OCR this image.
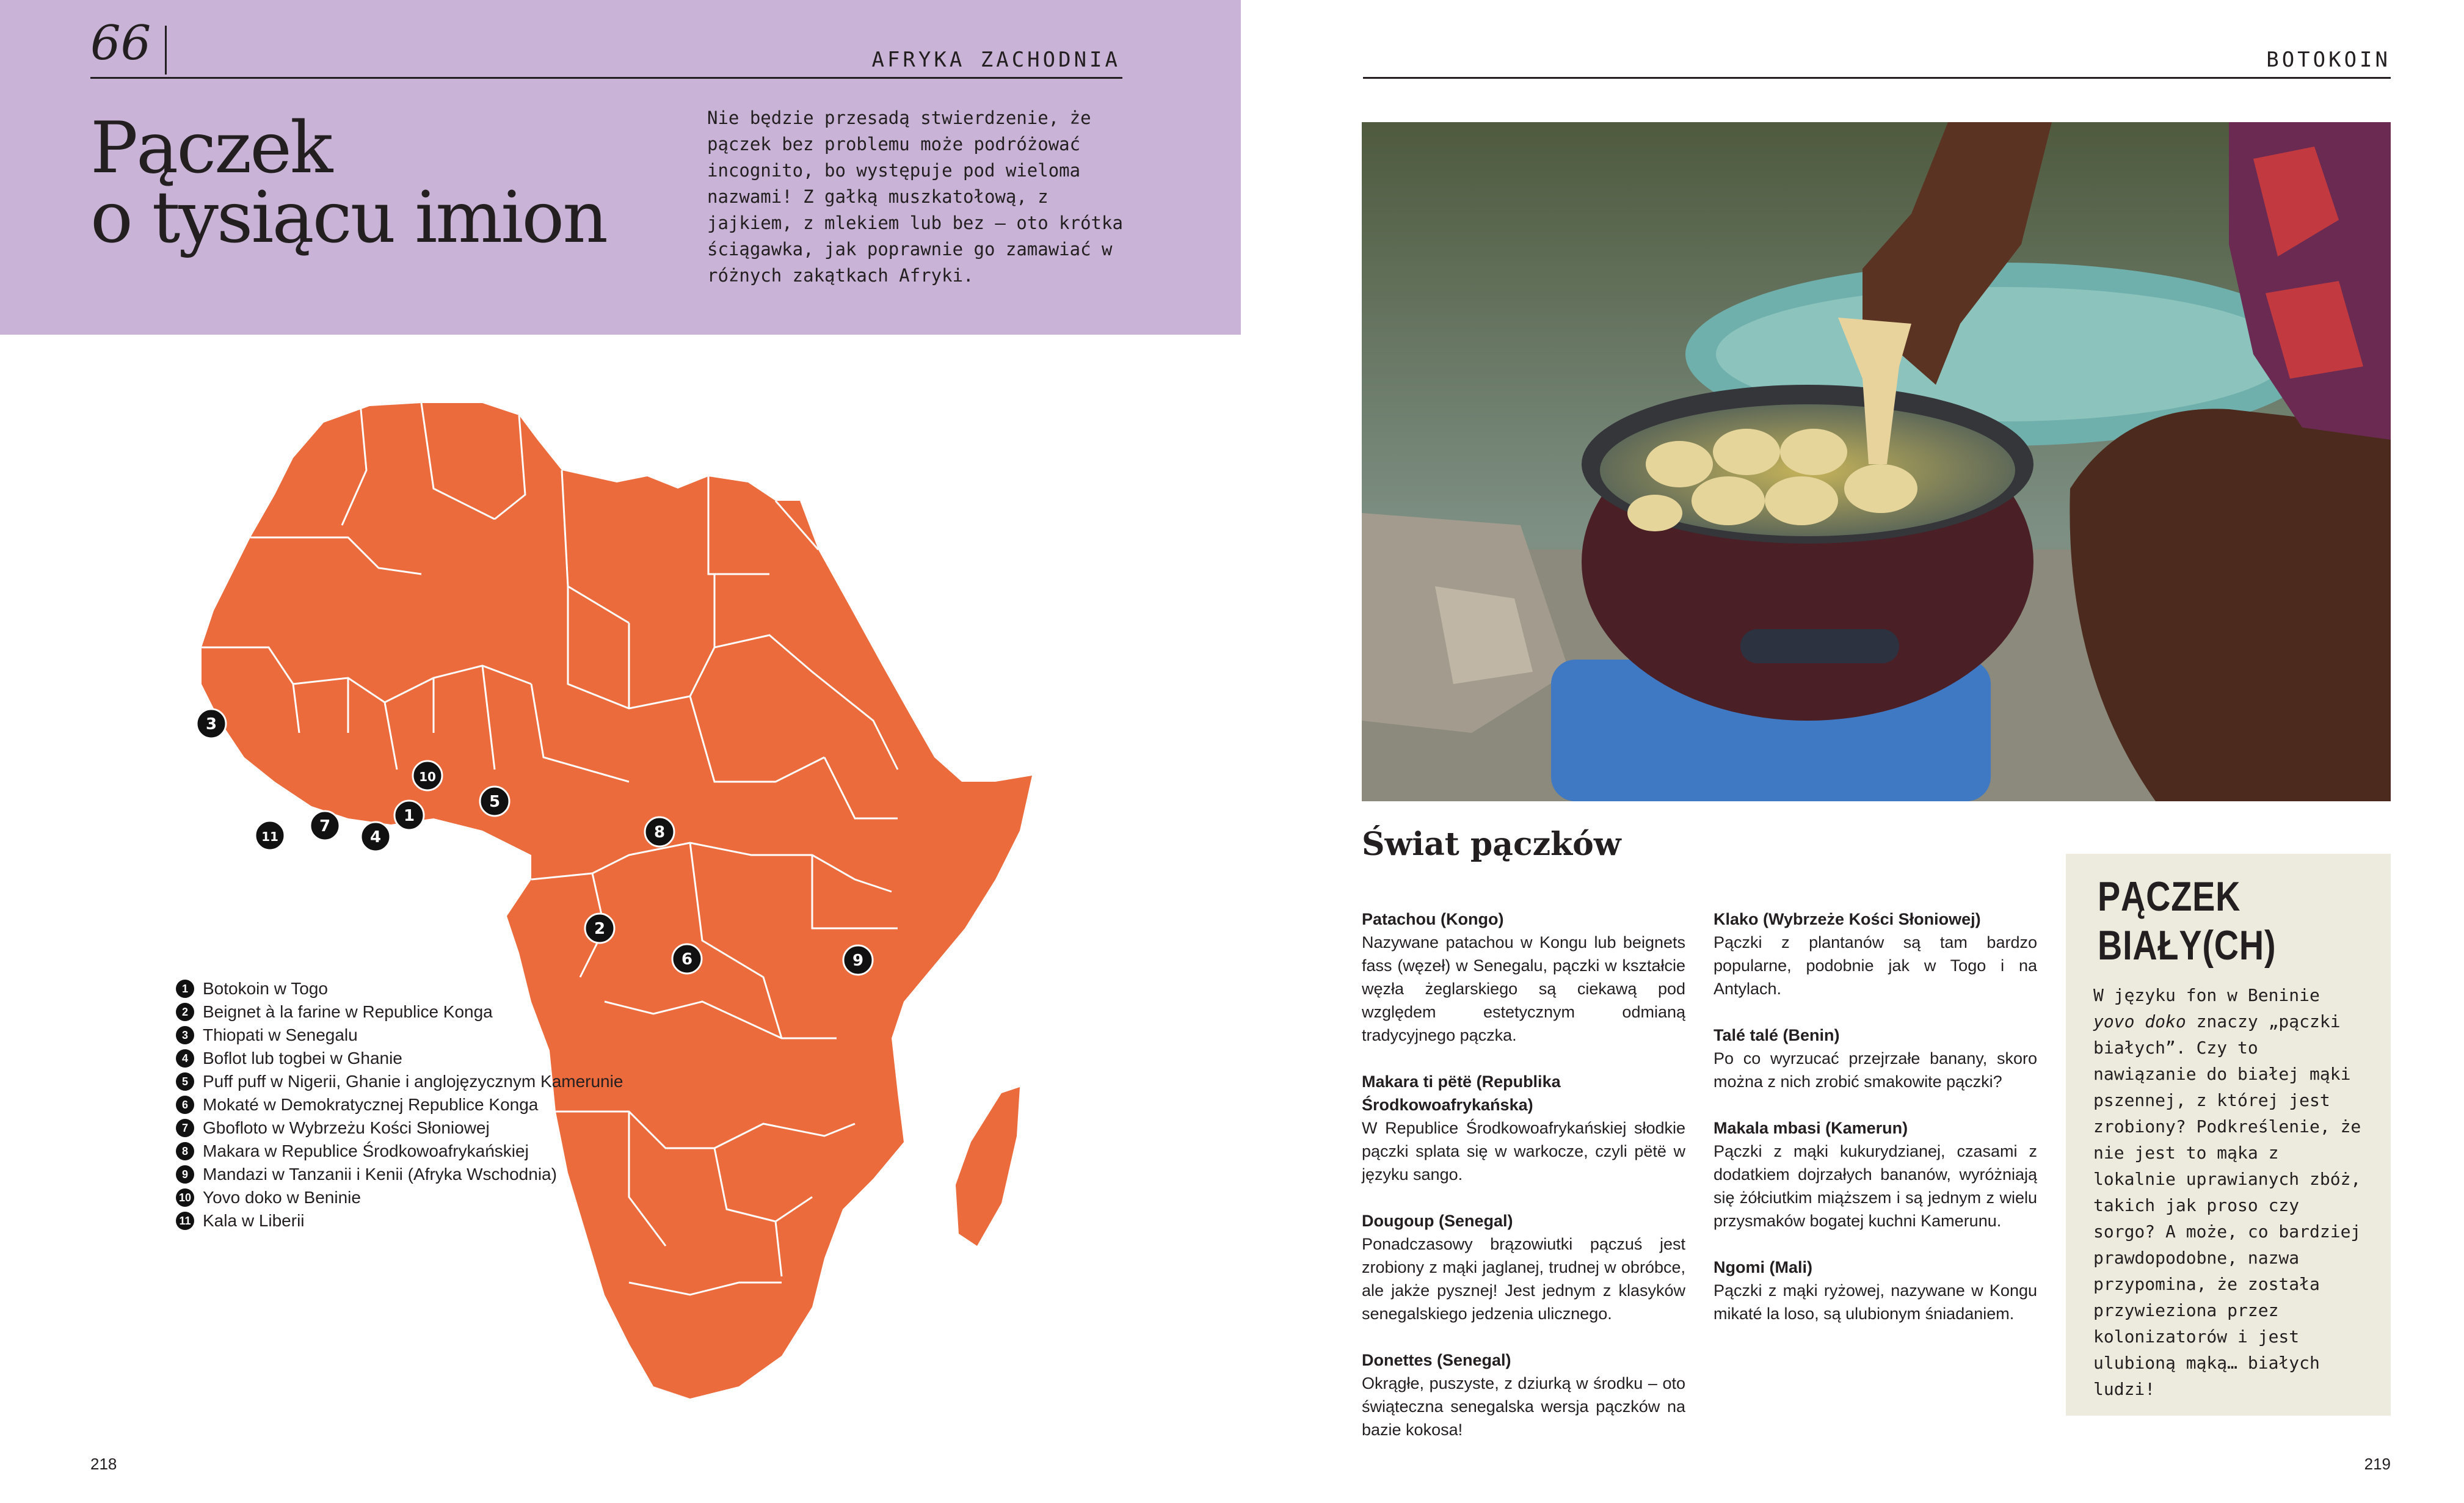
66	AFRYKA ZACHODNIA
Pączek
o tysiącu imion
Nie będzie przesadą stwierdzenie, że pączek bez problemu może podróżować incognito, bo występuje pod wieloma nazwami! Z gałką muszkatołową, z jajkiem, z mlekiem lub bez – oto krótka ściągawka, jak poprawnie go zamawiać w różnych zakątkach Afryki.
1
2
3
4
5
6
7	8
9
10
11
1 Botokoin w Togo
2 Beignet à la farine w Republice Konga
3 Thiopati w Senegalu
4 Boflot lub togbei w Ghanie
5 Puff puff w Nigerii, Ghanie i anglojęzycznym Kamerunie
6 Mokaté w Demokratycznej Republice Konga
7 Gbofloto w Wybrzeżu Kości Słoniowej
8 Makara w Republice Środkowoafrykańskiej
9 Mandazi w Tanzanii i Kenii (Afryka Wschodnia)
10 Yovo doko w Beninie
11 Kala w Liberii
218
BOTOKOIN
Świat pączków
Patachou (Kongo)
Nazywane patachou w Kongu lub beignets fass (węzeł) w Senegalu, pączki w kształcie węzła żeglarskiego są ciekawą pod względem estetycznym odmianą tradycyjnego pączka.
Makara ti pëtë (Republika Środkowoafrykańska)
W Republice Środkowoafrykańskiej słodkie pączki splata się w warkocze, czyli pëtë w języku sango.
Dougoup (Senegal)
Ponadczasowy brązowiutki pączuś jest zrobiony z mąki jaglanej, trudnej w obróbce, ale jakże pysznej! Jest jednym z klasyków senegalskiego jedzenia ulicznego.
Donettes (Senegal)
Okrągłe, puszyste, z dziurką w środku – oto świąteczna senegalska wersja pączków na bazie kokosa!
Klako (Wybrzeże Kości Słoniowej)
Pączki z plantanów są tam bardzo popularne, podobnie jak w Togo i na Antylach.
Talé talé (Benin)
Po co wyrzucać przejrzałe banany, skoro można z nich zrobić smakowite pączki?
Makala mbasi (Kamerun)
Pączki z mąki kukurydzianej, czasami z dodatkiem dojrzałych bananów, wyróżniają się żółciutkim miąższem i są jednym z wielu przysmaków bogatej kuchni Kamerunu.
Ngomi (Mali)
Pączki z mąki ryżowej, nazywane w Kongu mikaté la loso, są ulubionym śniadaniem.
PĄCZEK
BIAŁY(CH)

W języku fon w Beninie yovo doko znaczy „pączki białych”. Czy to nawiązanie do białej mąki pszennej, z której jest zrobiony? Podkreślenie, że nie jest to mąka z lokalnie uprawianych zbóż, takich jak proso czy sorgo? A może, co bardziej prawdopodobne, nazwa przypomina, że została przywieziona przez kolonizatorów i jest ulubioną mąką… białych ludzi!

219
